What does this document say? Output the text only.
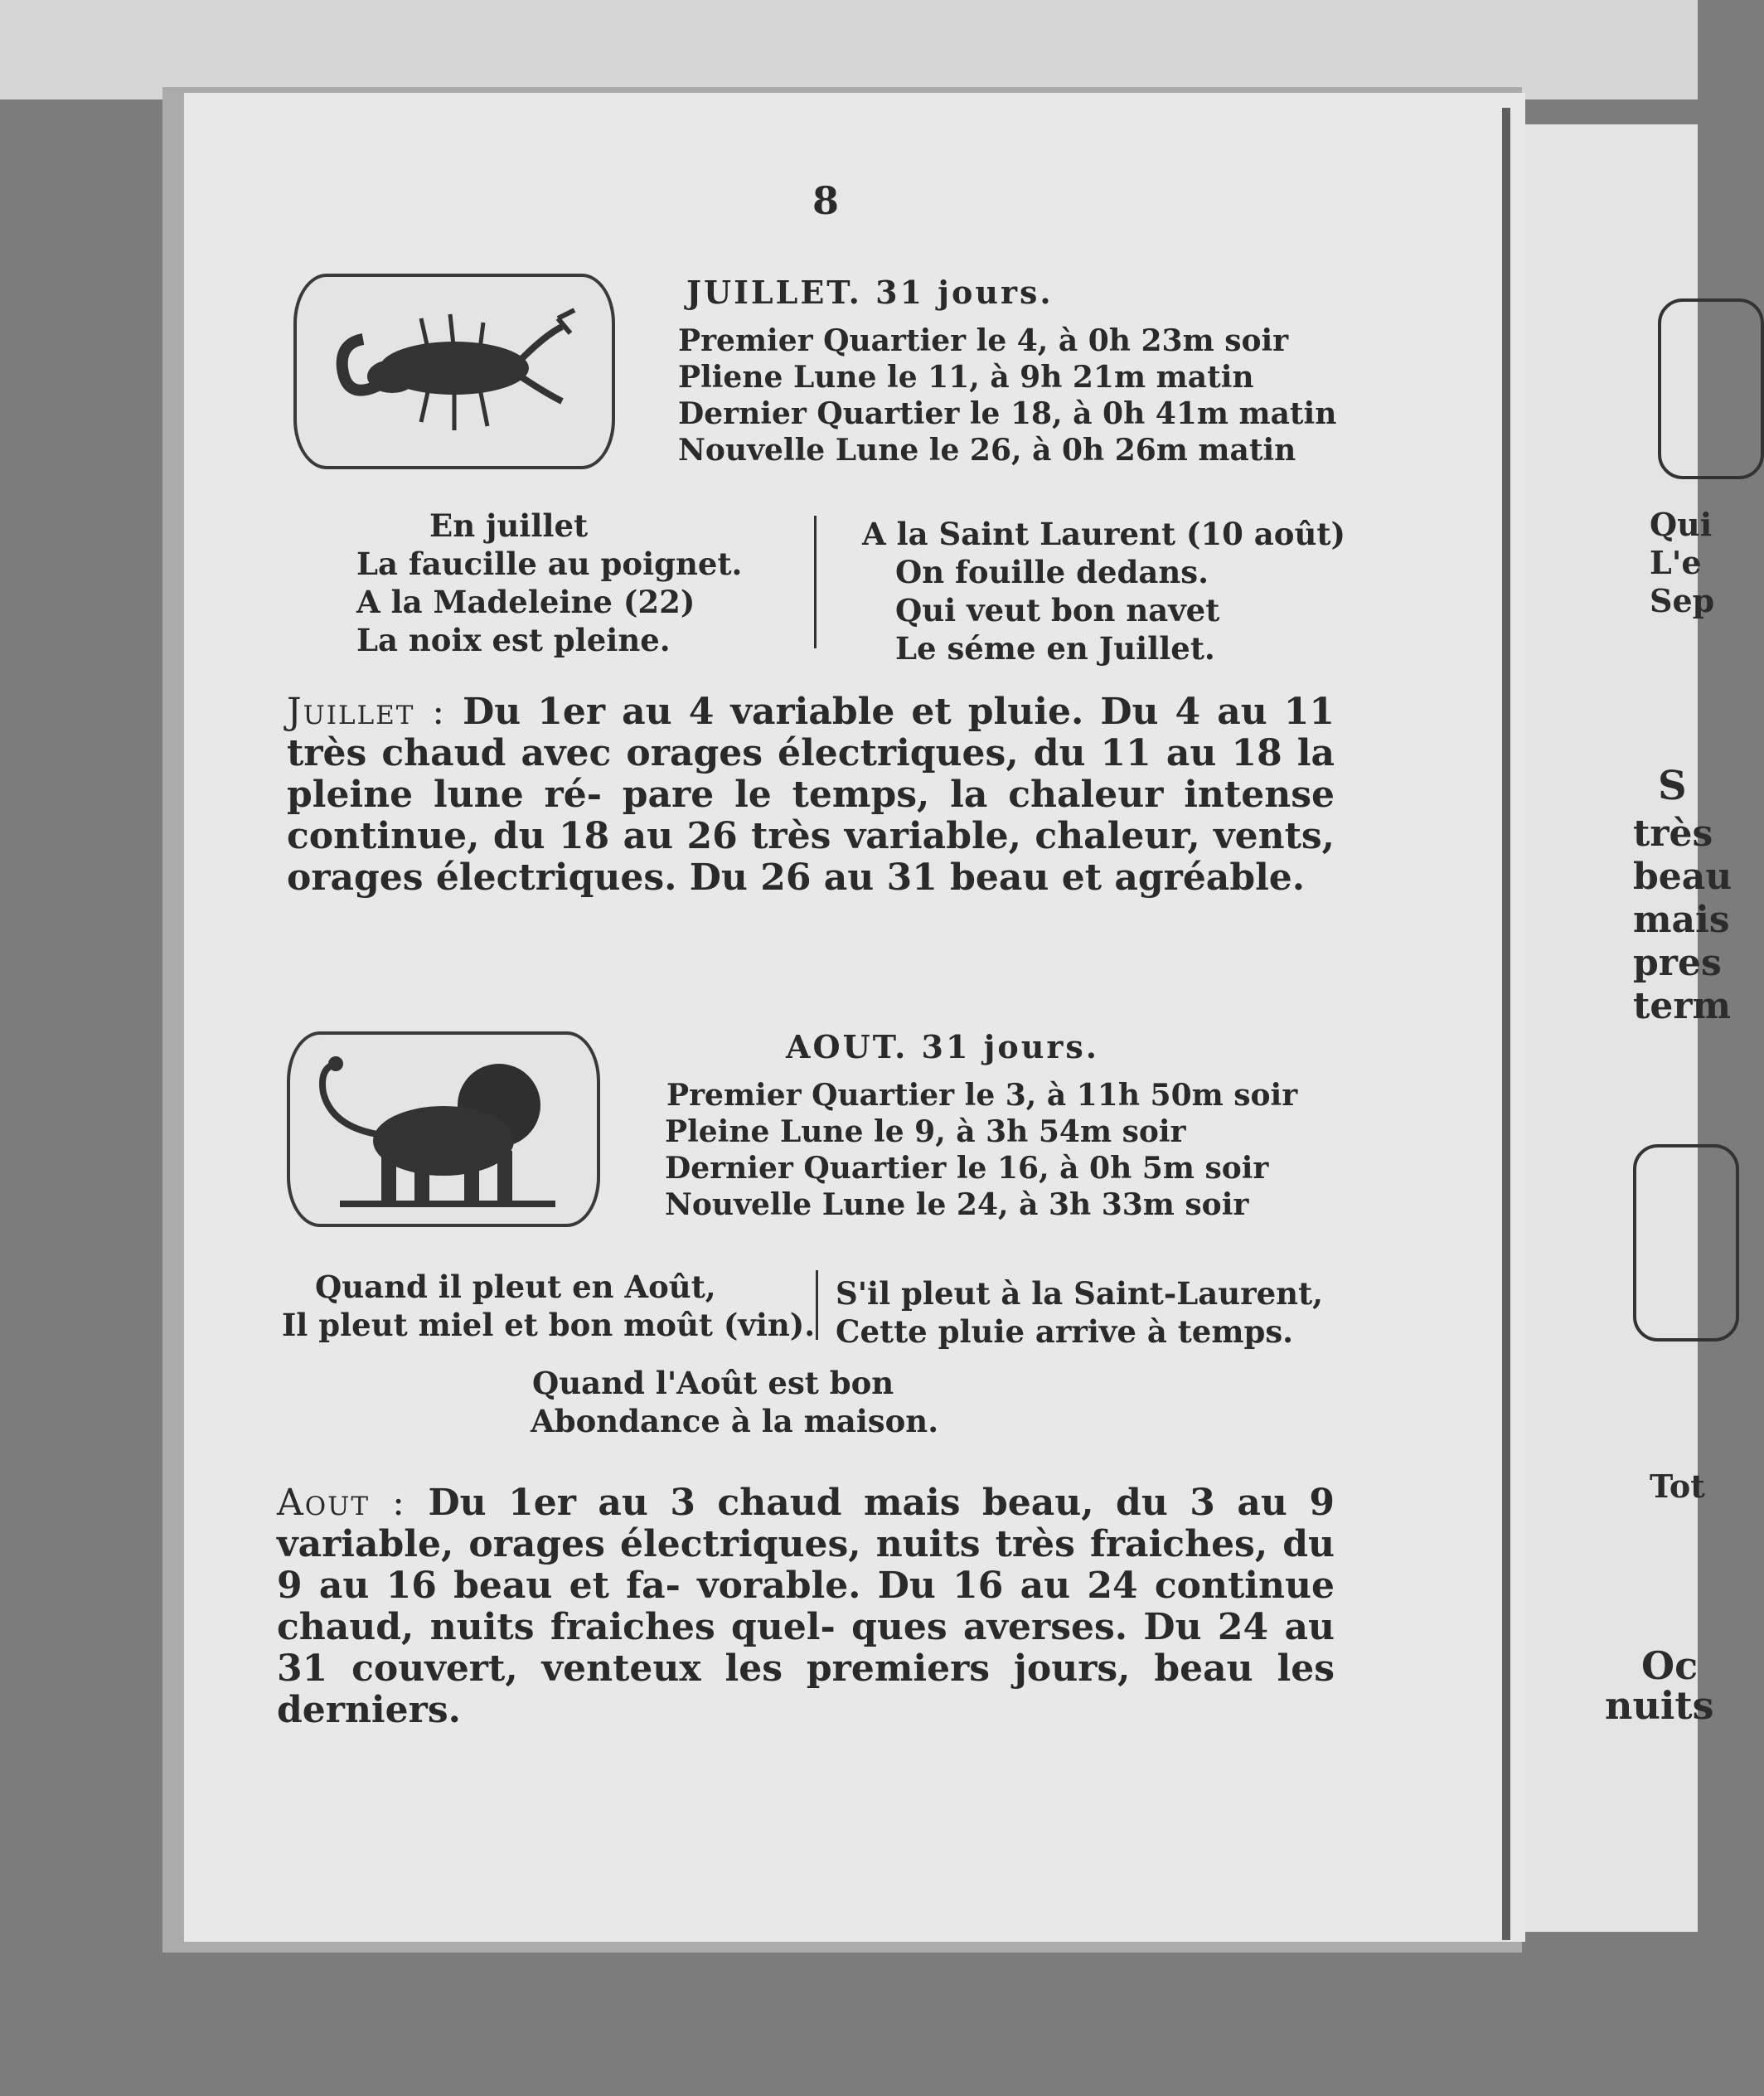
8
JUILLET. 31 jours.
Premier Quartier le 4, à 0h 23m soir
Pliene Lune le 11, à 9h 21m matin
Dernier Quartier le 18, à 0h 41m matin
Nouvelle Lune le 26, à 0h 26m matin
En juillet
La faucille au poignet.
A la Madeleine (22)
La noix est pleine.
A la Saint Laurent (10 août)
On fouille dedans.
Qui veut bon navet
Le séme en Juillet.
Juillet : Du 1er au 4 variable et pluie. Du 4 au 11 très chaud avec orages électriques, du 11 au 18 la pleine lune ré- pare le temps, la chaleur intense continue, du 18 au 26 très variable, chaleur, vents, orages électriques. Du 26 au 31 beau et agréable.
AOUT. 31 jours.
Premier Quartier le 3, à 11h 50m soir
Pleine Lune le 9, à 3h 54m soir
Dernier Quartier le 16, à 0h 5m soir
Nouvelle Lune le 24, à 3h 33m soir
Quand il pleut en Août,
Il pleut miel et bon moût (vin).
S'il pleut à la Saint-Laurent,
Cette pluie arrive à temps.
Quand l'Août est bon
Abondance à la maison.
Aout : Du 1er au 3 chaud mais beau, du 3 au 9 variable, orages électriques, nuits très fraiches, du 9 au 16 beau et fa- vorable. Du 16 au 24 continue chaud, nuits fraiches quel- ques averses. Du 24 au 31 couvert, venteux les premiers jours, beau les derniers.
Qui
L'e
Sep
S
très
beau
mais
pres
term
Tot
Oc
nuits
